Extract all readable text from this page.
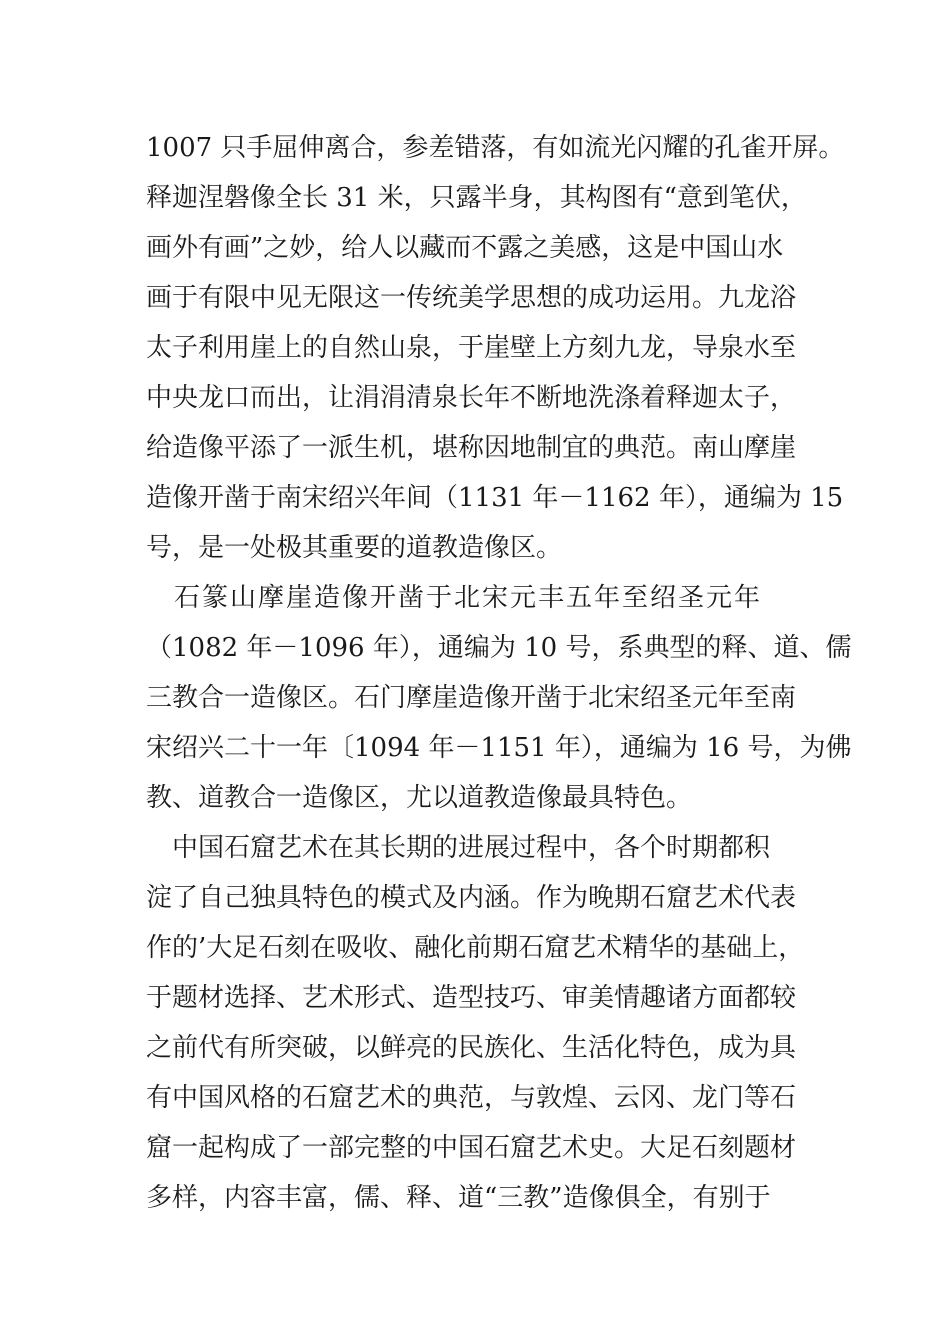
1007 只手屈伸离合，参差错落，有如流光闪耀的孔雀开屏。
释迦涅磐像全长 31 米，只露半身，其构图有“意到笔伏，
画外有画”之妙，给人以藏而不露之美感，这是中国山水
画于有限中见无限这一传统美学思想的成功运用。九龙浴
太子利用崖上的自然山泉，于崖壁上方刻九龙，导泉水至
中央龙口而出，让涓涓清泉长年不断地洗涤着释迦太子，
给造像平添了一派生机，堪称因地制宜的典范。南山摩崖
造像开凿于南宋绍兴年间（1131 年－1162 年），通编为 15
号，是一处极其重要的道教造像区。
　石篆山摩崖造像开凿于北宋元丰五年至绍圣元年
（1082 年－1096 年），通编为 10 号，系典型的释、道、儒
三教合一造像区。石门摩崖造像开凿于北宋绍圣元年至南
宋绍兴二十一年〔1094 年－1151 年），通编为 16 号，为佛
教、道教合一造像区，尤以道教造像最具特色。
　中国石窟艺术在其长期的进展过程中，各个时期都积
淀了自己独具特色的模式及内涵。作为晚期石窟艺术代表
作的’大足石刻在吸收、融化前期石窟艺术精华的基础上，
于题材选择、艺术形式、造型技巧、审美情趣诸方面都较
之前代有所突破，以鲜亮的民族化、生活化特色，成为具
有中国风格的石窟艺术的典范，与敦煌、云冈、龙门等石
窟一起构成了一部完整的中国石窟艺术史。大足石刻题材
多样，内容丰富，儒、释、道“三教”造像俱全，有别于
